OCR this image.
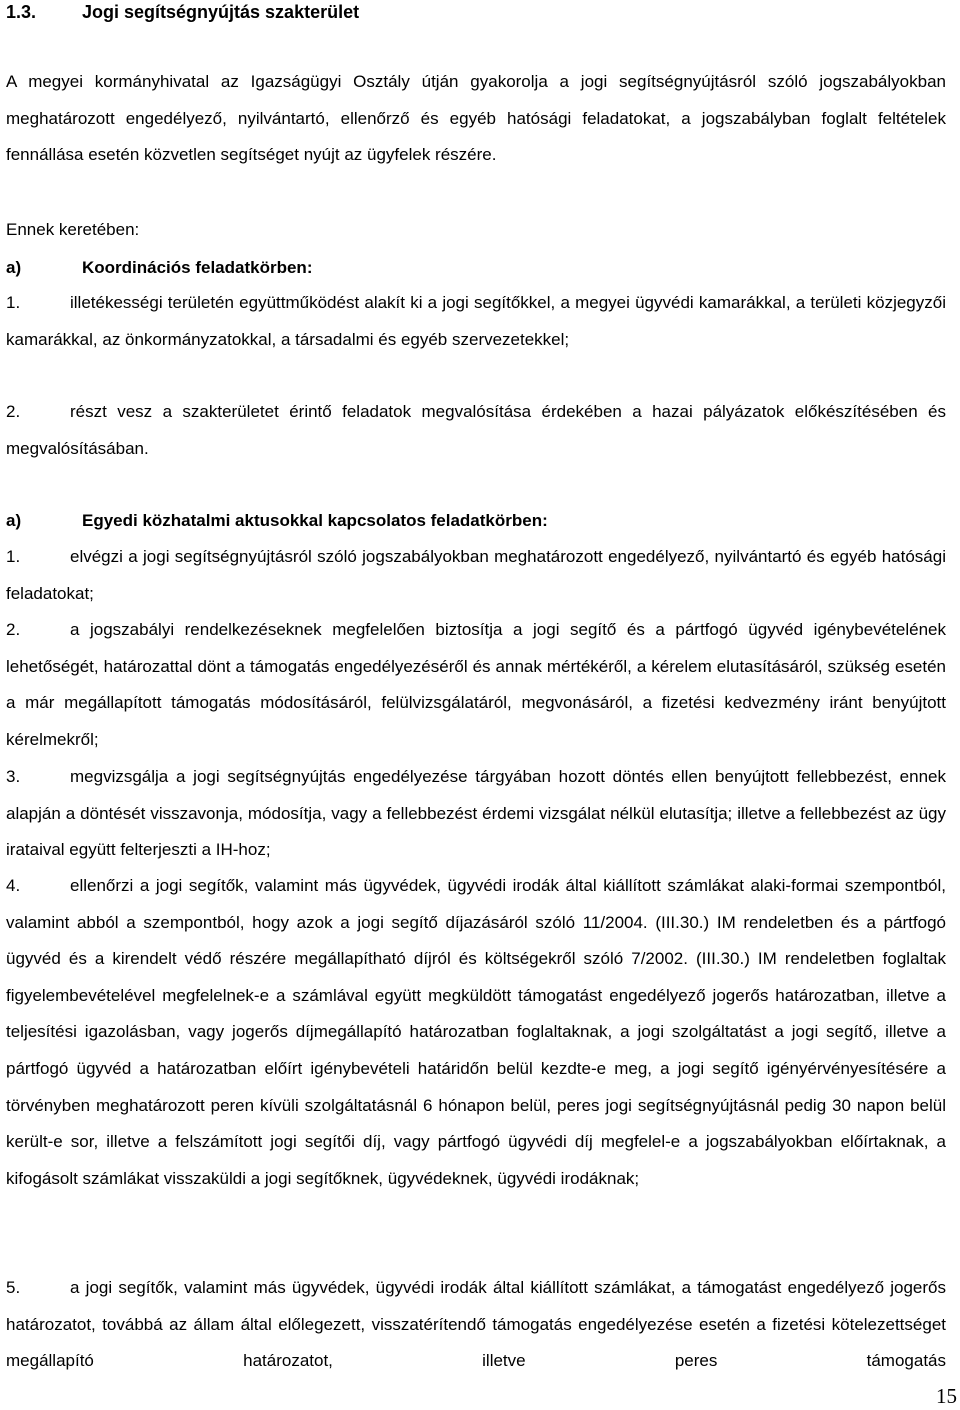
1.3.	Jogi segítségnyújtás szakterület
A megyei kormányhivatal az Igazságügyi Osztály útján gyakorolja a jogi segítségnyújtásról szóló jogszabályokban meghatározott engedélyező, nyilvántartó, ellenőrző és egyéb hatósági feladatokat, a jogszabályban foglalt feltételek fennállása esetén közvetlen segítséget nyújt az ügyfelek részére.
Ennek keretében:
a)	Koordinációs feladatkörben:
1.	illetékességi területén együttműködést alakít ki a jogi segítőkkel, a megyei ügyvédi kamarákkal, a területi közjegyzői kamarákkal, az önkormányzatokkal, a társadalmi és egyéb szervezetekkel;
2.	részt vesz a szakterületet érintő feladatok megvalósítása érdekében a hazai pályázatok előkészítésében és megvalósításában.
a)	Egyedi közhatalmi aktusokkal kapcsolatos feladatkörben:
1.	elvégzi a jogi segítségnyújtásról szóló jogszabályokban meghatározott engedélyező, nyilvántartó és egyéb hatósági feladatokat;
2.	a jogszabályi rendelkezéseknek megfelelően biztosítja a jogi segítő és a pártfogó ügyvéd igénybevételének lehetőségét, határozattal dönt a támogatás engedélyezéséről és annak mértékéről, a kérelem elutasításáról, szükség esetén a már megállapított támogatás módosításáról, felülvizsgálatáról, megvonásáról, a fizetési kedvezmény iránt benyújtott kérelmekről;
3.	megvizsgálja a jogi segítségnyújtás engedélyezése tárgyában hozott döntés ellen benyújtott fellebbezést, ennek alapján a döntését visszavonja, módosítja, vagy a fellebbezést érdemi vizsgálat nélkül elutasítja; illetve a fellebbezést az ügy irataival együtt felterjeszti a IH-hoz;
4.	ellenőrzi a jogi segítők, valamint más ügyvédek, ügyvédi irodák által kiállított számlákat alaki-formai szempontból, valamint abból a szempontból, hogy azok a jogi segítő díjazásáról szóló 11/2004. (III.30.) IM rendeletben és a pártfogó ügyvéd és a kirendelt védő részére megállapítható díjról és költségekről szóló 7/2002. (III.30.) IM rendeletben foglaltak figyelembevételével megfelelnek-e a számlával együtt megküldött támogatást engedélyező jogerős határozatban, illetve a teljesítési igazolásban, vagy jogerős díjmegállapító határozatban foglaltaknak, a jogi szolgáltatást a jogi segítő, illetve a pártfogó ügyvéd a határozatban előírt igénybevételi határidőn belül kezdte-e meg, a jogi segítő igényérvényesítésére a törvényben meghatározott peren kívüli szolgáltatásnál 6 hónapon belül, peres jogi segítségnyújtásnál pedig 30 napon belül került-e sor, illetve a felszámított jogi segítői díj, vagy pártfogó ügyvédi díj megfelel-e a jogszabályokban előírtaknak, a kifogásolt számlákat visszaküldi a jogi segítőknek, ügyvédeknek, ügyvédi irodáknak;
5.	a jogi segítők, valamint más ügyvédek, ügyvédi irodák által kiállított számlákat, a támogatást engedélyező jogerős határozatot, továbbá az állam által előlegezett, visszatérítendő támogatás engedélyezése esetén a fizetési kötelezettséget megállapító határozatot, illetve peres támogatás
15
